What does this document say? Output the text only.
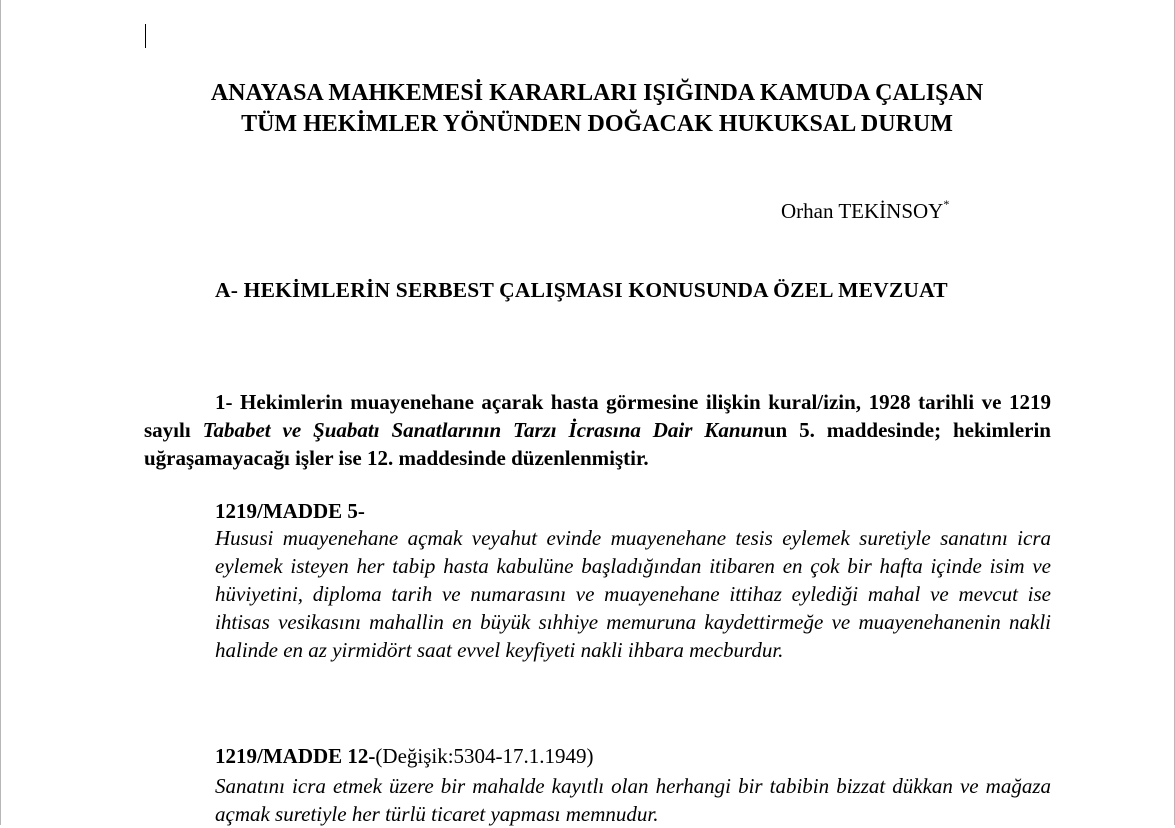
ANAYASA MAHKEMESİ KARARLARI IŞIĞINDA KAMUDA ÇALIŞAN
TÜM HEKİMLER YÖNÜNDEN DOĞACAK HUKUKSAL DURUM
Orhan TEKİNSOY*
A- HEKİMLERİN SERBEST ÇALIŞMASI KONUSUNDA ÖZEL MEVZUAT
1- Hekimlerin muayenehane açarak hasta görmesine ilişkin kural/izin, 1928 tarihli ve 1219 sayılı Tababet ve Şuabatı Sanatlarının Tarzı İcrasına Dair Kanunun 5. maddesinde; hekimlerin uğraşamayacağı işler ise 12. maddesinde düzenlenmiştir.
1219/MADDE 5-
Hususi muayenehane açmak veyahut evinde muayenehane tesis eylemek suretiyle sanatını icra eylemek isteyen her tabip hasta kabulüne başladığından itibaren en çok bir hafta içinde isim ve hüviyetini, diploma tarih ve numarasını ve muayenehane ittihaz eylediği mahal ve mevcut ise ihtisas vesikasını mahallin en büyük sıhhiye memuruna kaydettirmeğe ve muayenehanenin nakli halinde en az yirmidört saat evvel keyfiyeti nakli ihbara mecburdur.
1219/MADDE 12-(Değişik:5304-17.1.1949)
Sanatını icra etmek üzere bir mahalde kayıtlı olan herhangi bir tabibin bizzat dükkan ve mağaza açmak suretiyle her türlü ticaret yapması memnudur.
